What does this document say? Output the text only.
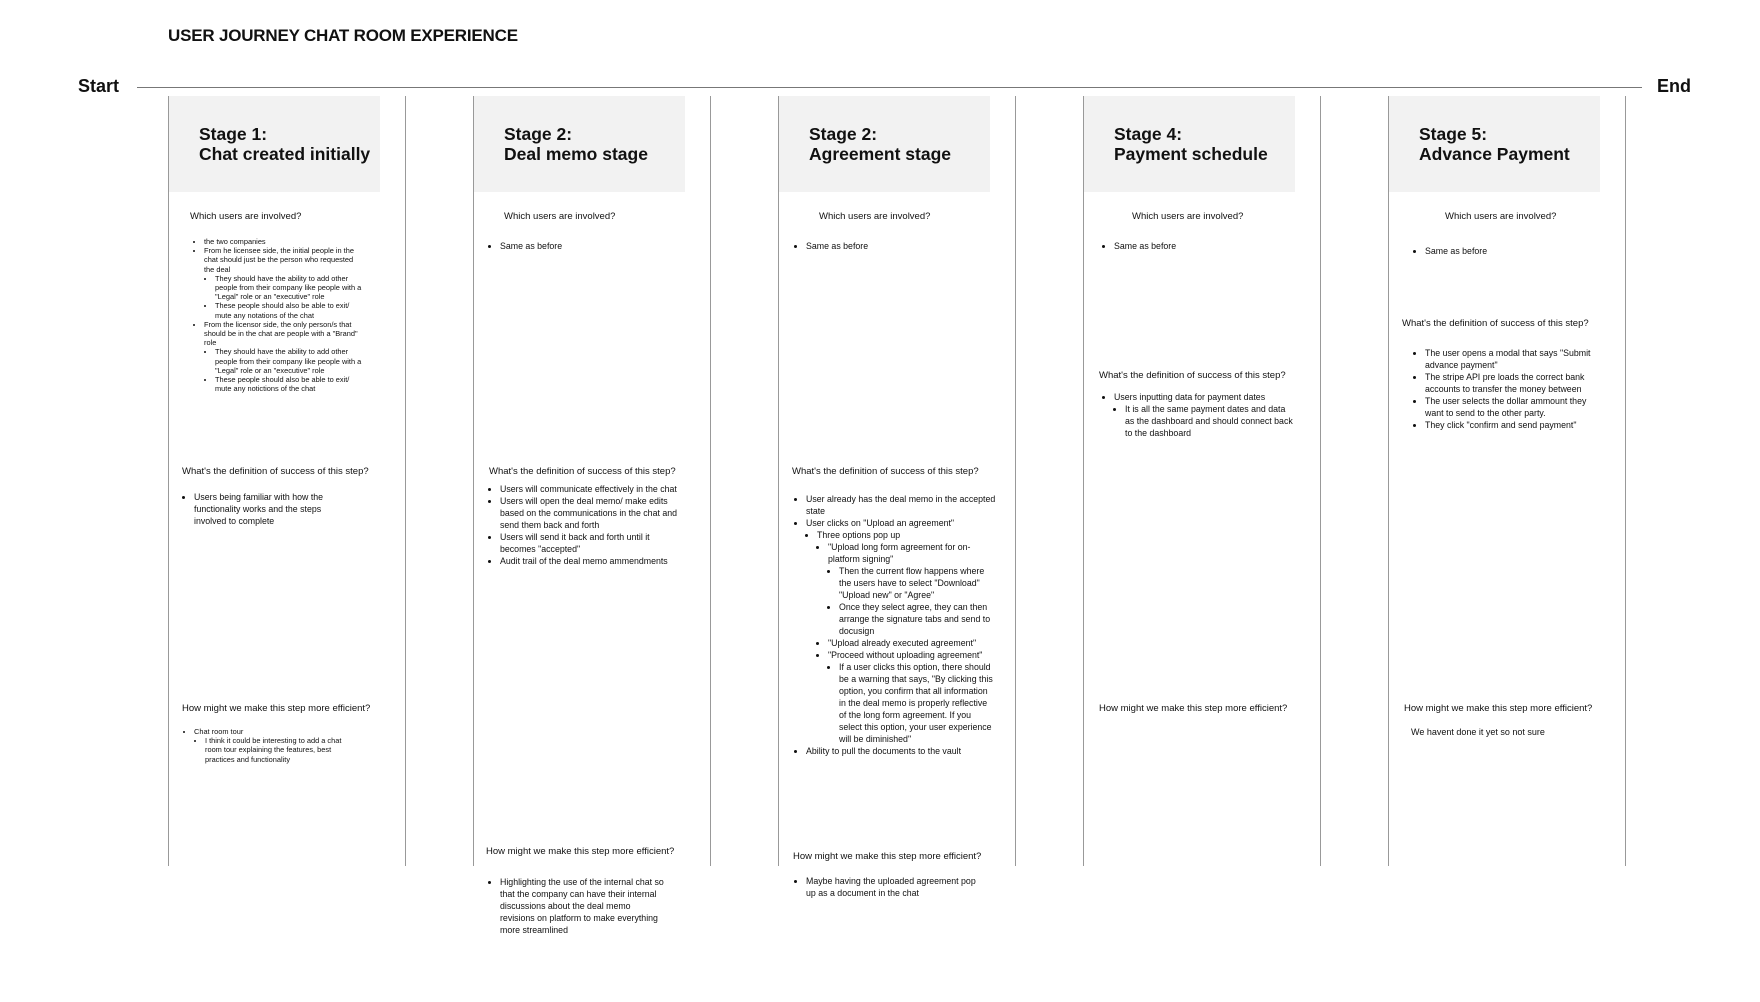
USER JOURNEY CHAT ROOM EXPERIENCE
Start	End
Stage 1:
Chat created initially
Which users are involved?
• the two companies
• From he licensee side, the initial people in the chat should just be the person who requested the deal
• They should have the ability to add other people from their company like people with a "Legal" role or an "executive" role
• These people should also be able to exit/ mute any notations of the chat
• From the licensor side, the only person/s that should be in the chat are people with a "Brand" role
• They should have the ability to add other people from their company like people with a "Legal" role or an "executive" role
• These people should also be able to exit/ mute any notictions of the chat
What's the definition of success of this step?
• Users being familiar with how the functionality works and the steps involved to complete
How might we make this step more efficient?
• Chat room tour
• I think it could be interesting to add a chat room tour explaining the features, best practices and functionality
Stage 2:
Deal memo stage
Which users are involved?
• Same as before
What's the definition of success of this step?
• Users will communicate effectively in the chat
• Users will open the deal memo/ make edits based on the communications in the chat and send them back and forth
• Users will send it back and forth until it becomes "accepted"
• Audit trail of the deal memo ammendments
How might we make this step more efficient?
• Highlighting the use of the internal chat so that the company can have their internal discussions about the deal memo revisions on platform to make everything more streamlined
Stage 2:
Agreement stage
Which users are involved?
• Same as before
What's the definition of success of this step?
• User already has the deal memo in the accepted state
• User clicks on "Upload an agreement"
• Three options pop up
• "Upload long form agreement for on-platform signing"
• Then the current flow happens where the users have to select "Download" "Upload new" or "Agree"
• Once they select agree, they can then arrange the signature tabs and send to docusign
• "Upload already executed agreement"
• "Proceed without uploading agreement"
• If a user clicks this option, there should be a warning that says, "By clicking this option, you confirm that all information in the deal memo is properly reflective of the long form agreement. If you select this option, your user experience will be diminished"
• Ability to pull the documents to the vault
How might we make this step more efficient?
• Maybe having the uploaded agreement pop up as a document in the chat
Stage 4:
Payment schedule
Which users are involved?
• Same as before
What's the definition of success of this step?
• Users inputting data for payment dates
• It is all the same payment dates and data as the dashboard and should connect back to the dashboard
How might we make this step more efficient?
Stage 5:
Advance Payment
Which users are involved?
• Same as before
What's the definition of success of this step?
• The user opens a modal that says "Submit advance payment"
• The stripe API pre loads the correct bank accounts to transfer the money between
• The user selects the dollar ammount they want to send to the other party.
• They click "confirm and send payment"
How might we make this step more efficient?
We havent done it yet so not sure
